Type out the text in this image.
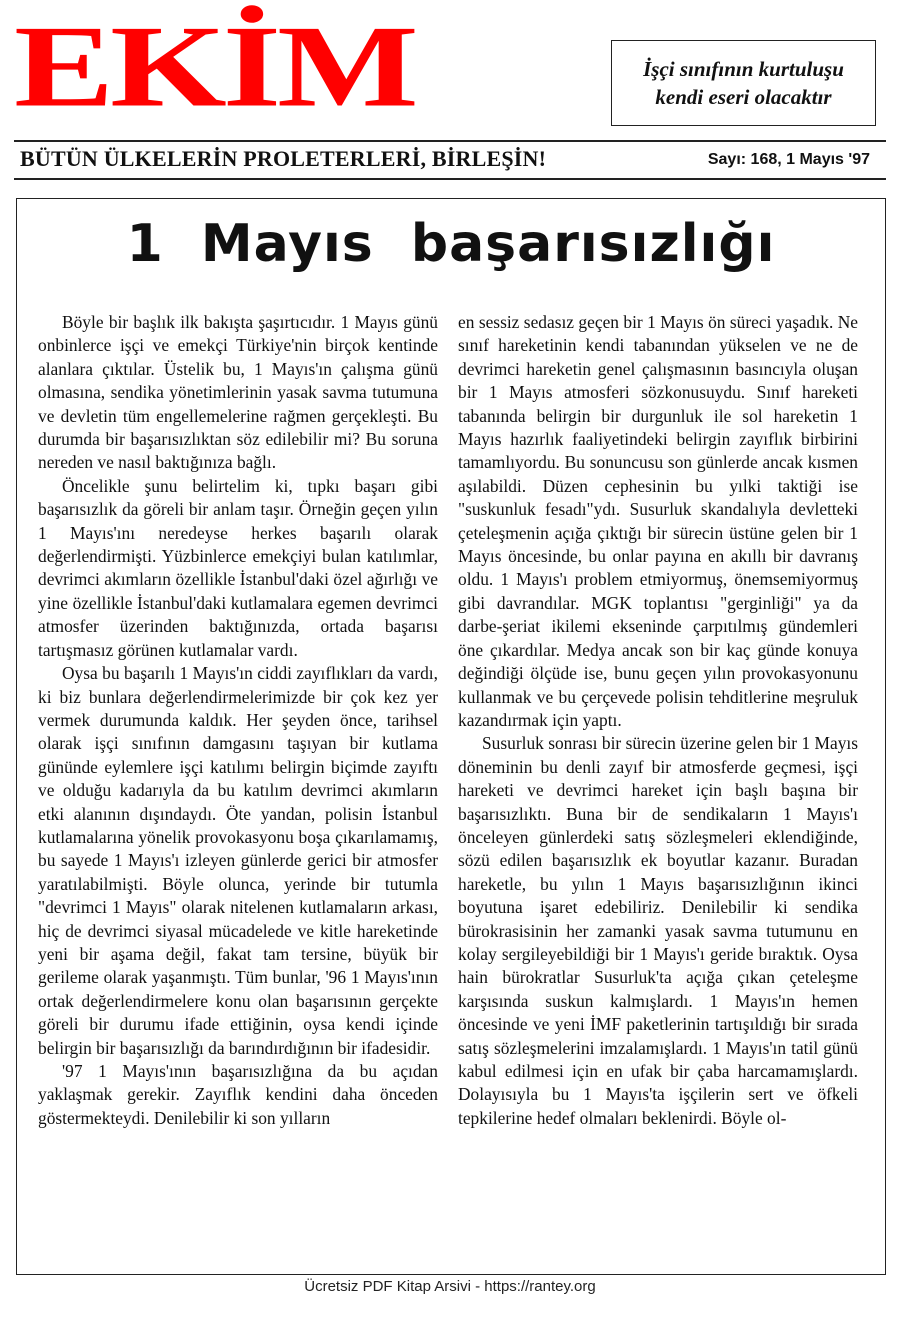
EKİM	İşçi sınıfının kurtuluşu
kendi eseri olacaktır
BÜTÜN ÜLKELERİN PROLETERLERİ, BİRLEŞİN!	Sayı: 168, 1 Mayıs '97
1 Mayıs başarısızlığı

Böyle bir başlık ilk bakışta şaşırtıcıdır. 1 Mayıs günü onbinlerce işçi ve emekçi Türkiye'nin birçok kentinde alanlara çıktılar. Üstelik bu, 1 Mayıs'ın çalışma günü olmasına, sendika yönetimlerinin yasak savma tutumuna ve devletin tüm engellemelerine rağmen gerçekleşti. Bu durumda bir başarısızlıktan söz edilebilir mi? Bu soruna nereden ve nasıl baktığınıza bağlı.

Öncelikle şunu belirtelim ki, tıpkı başarı gibi başarısızlık da göreli bir anlam taşır. Örneğin geçen yılın 1 Mayıs'ını neredeyse herkes başarılı olarak değerlendirmişti. Yüzbinlerce emekçiyi bulan katılımlar, devrimci akımların özellikle İstanbul'daki özel ağırlığı ve yine özellikle İstanbul'daki kutlamalara egemen devrimci atmosfer üzerinden baktığınızda, ortada başarısı tartışmasız görünen kutlamalar vardı.

Oysa bu başarılı 1 Mayıs'ın ciddi zayıflıkları da vardı, ki biz bunlara değerlendirmelerimizde bir çok kez yer vermek durumunda kaldık. Her şeyden önce, tarihsel olarak işçi sınıfının damgasını taşıyan bir kutlama gününde eylemlere işçi katılımı belirgin biçimde zayıftı ve olduğu kadarıyla da bu katılım devrimci akımların etki alanının dışındaydı. Öte yandan, polisin İstanbul kutlamalarına yönelik provokasyonu boşa çıkarılamamış, bu sayede 1 Mayıs'ı izleyen günlerde gerici bir atmosfer yaratılabilmişti. Böyle olunca, yerinde bir tutumla "devrimci 1 Mayıs" olarak nitelenen kutlamaların arkası, hiç de devrimci siyasal mücadelede ve kitle hareketinde yeni bir aşama değil, fakat tam tersine, büyük bir gerileme olarak yaşanmıştı. Tüm bunlar, '96 1 Mayıs'ının ortak değerlendirmelere konu olan başarısının gerçekte göreli bir durumu ifade ettiğinin, oysa kendi içinde belirgin bir başarısızlığı da barındırdığının bir ifadesidir.

'97 1 Mayıs'ının başarısızlığına da bu açıdan yaklaşmak gerekir. Zayıflık kendini daha önceden göstermekteydi. Denilebilir ki son yılların

en sessiz sedasız geçen bir 1 Mayıs ön süreci yaşadık. Ne sınıf hareketinin kendi tabanından yükselen ve ne de devrimci hareketin genel çalışmasının basıncıyla oluşan bir 1 Mayıs atmosferi sözkonusuydu. Sınıf hareketi tabanında belirgin bir durgunluk ile sol hareketin 1 Mayıs hazırlık faaliyetindeki belirgin zayıflık birbirini tamamlıyordu. Bu sonuncusu son günlerde ancak kısmen aşılabildi. Düzen cephesinin bu yılki taktiği ise "suskunluk fesadı"ydı. Susurluk skandalıyla devletteki çeteleşmenin açığa çıktığı bir sürecin üstüne gelen bir 1 Mayıs öncesinde, bu onlar payına en akıllı bir davranış oldu. 1 Mayıs'ı problem etmiyormuş, önemsemiyormuş gibi davrandılar. MGK toplantısı "gerginliği" ya da darbe-şeriat ikilemi ekseninde çarpıtılmış gündemleri öne çıkardılar. Medya ancak son bir kaç günde konuya değindiği ölçüde ise, bunu geçen yılın provokasyonunu kullanmak ve bu çerçevede polisin tehditlerine meşruluk kazandırmak için yaptı.

Susurluk sonrası bir sürecin üzerine gelen bir 1 Mayıs döneminin bu denli zayıf bir atmosferde geçmesi, işçi hareketi ve devrimci hareket için başlı başına bir başarısızlıktı. Buna bir de sendikaların 1 Mayıs'ı önceleyen günlerdeki satış sözleşmeleri eklendiğinde, sözü edilen başarısızlık ek boyutlar kazanır. Buradan hareketle, bu yılın 1 Mayıs başarısızlığının ikinci boyutuna işaret edebiliriz. Denilebilir ki sendika bürokrasisinin her zamanki yasak savma tutumunu en kolay sergileyebildiği bir 1 Mayıs'ı geride bıraktık. Oysa hain bürokratlar Susurluk'ta açığa çıkan çeteleşme karşısında suskun kalmışlardı. 1 Mayıs'ın hemen öncesinde ve yeni İMF paketlerinin tartışıldığı bir sırada satış sözleşmelerini imzalamışlardı. 1 Mayıs'ın tatil günü kabul edilmesi için en ufak bir çaba harcamamışlardı. Dolayısıyla bu 1 Mayıs'ta işçilerin sert ve öfkeli tepkilerine hedef olmaları beklenirdi. Böyle ol-

Ücretsiz PDF Kitap Arsivi - https://rantey.org
